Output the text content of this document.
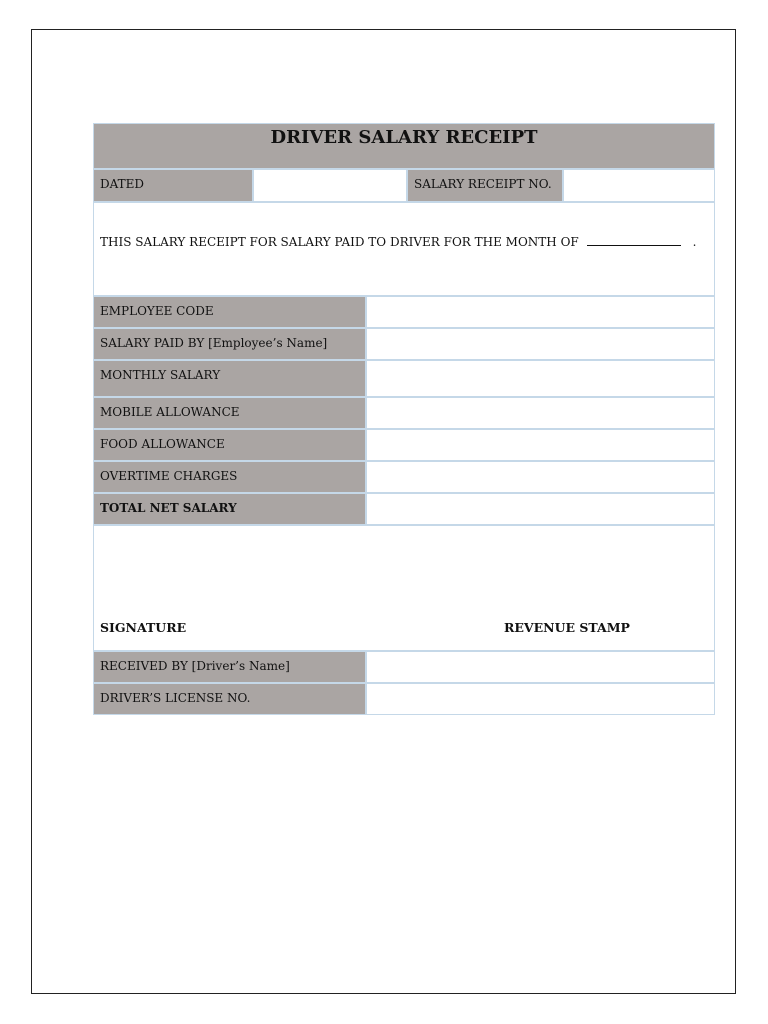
DRIVER SALARY RECEIPT
DATED	SALARY RECEIPT NO.
THIS SALARY RECEIPT FOR SALARY PAID TO DRIVER FOR THE MONTH OF	.
EMPLOYEE CODE
SALARY PAID BY [Employee’s Name]
MONTHLY SALARY
MOBILE ALLOWANCE
FOOD ALLOWANCE
OVERTIME CHARGES
TOTAL NET SALARY
SIGNATURE	REVENUE STAMP
RECEIVED BY [Driver’s Name]
DRIVER’S LICENSE NO.
